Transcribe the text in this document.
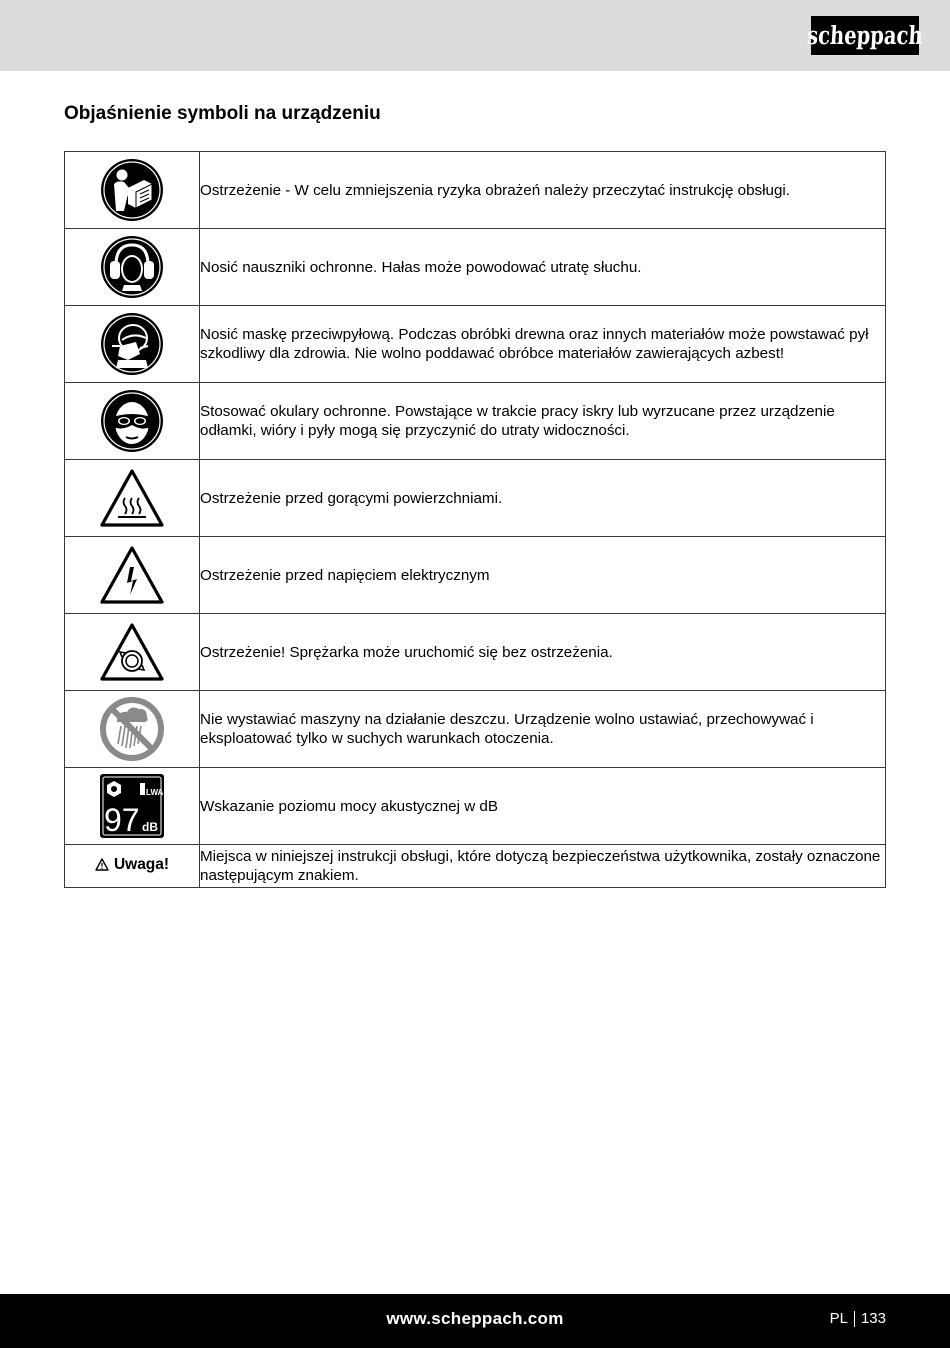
scheppach
Objaśnienie symboli na urządzeniu
	Ostrzeżenie - W celu zmniejszenia ryzyka obrażeń należy przeczytać instrukcję obsługi.
	Nosić nauszniki ochronne. Hałas może powodować utratę słuchu.
	Nosić maskę przeciwpyłową. Podczas obróbki drewna oraz innych materiałów może powstawać pył szkodliwy dla zdrowia. Nie wolno poddawać obróbce materiałów zawierających azbest!
	Stosować okulary ochronne. Powstające w trakcie pracy iskry lub wyrzucane przez urządzenie odłamki, wióry i pyły mogą się przyczynić do utraty widoczności.
	Ostrzeżenie przed gorącymi powierzchniami.
	Ostrzeżenie przed napięciem elektrycznym
	Ostrzeżenie! Sprężarka może uruchomić się bez ostrzeżenia.
	Nie wystawiać maszyny na działanie deszczu. Urządzenie wolno ustawiać, przechowywać i eksploatować tylko w suchych warunkach otoczenia.

LWA
97 dB	Wskazanie poziomu mocy akustycznej w dB

Uwaga!	Miejsca w niniejszej instrukcji obsługi, które dotyczą bezpieczeństwa użytkownika, zostały oznaczone następującym znakiem.
www.scheppach.com	PL 133
